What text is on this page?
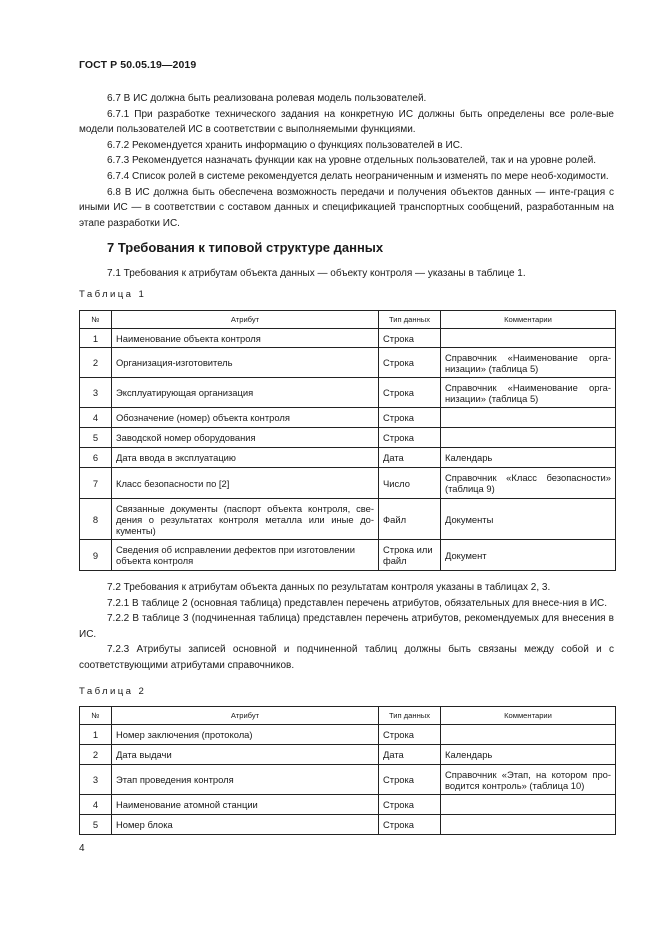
ГОСТ Р 50.05.19—2019

6.7 В ИС должна быть реализована ролевая модель пользователей.

6.7.1 При разработке технического задания на конкретную ИС должны быть определены все роле-вые модели пользователей ИС в соответствии с выполняемыми функциями.

6.7.2 Рекомендуется хранить информацию о функциях пользователей в ИС.

6.7.3 Рекомендуется назначать функции как на уровне отдельных пользователей, так и на уровне ролей.

6.7.4 Список ролей в системе рекомендуется делать неограниченным и изменять по мере необ-ходимости.

6.8 В ИС должна быть обеспечена возможность передачи и получения объектов данных — инте-грация с иными ИС — в соответствии с составом данных и спецификацией транспортных сообщений, разработанным на этапе разработки ИС.

7 Требования к типовой структуре данных

7.1 Требования к атрибутам объекта данных — объекту контроля — указаны в таблице 1.

Таблица 1
№	Атрибут	Тип данных	Комментарии
1	Наименование объекта контроля	Строка	
2	Организация-изготовитель	Строка	Справочник «Наименование орга-низации» (таблица 5)
3	Эксплуатирующая организация	Строка	Справочник «Наименование орга-низации» (таблица 5)
4	Обозначение (номер) объекта контроля	Строка	
5	Заводской номер оборудования	Строка	
6	Дата ввода в эксплуатацию	Дата	Календарь
7	Класс безопасности по [2]	Число	Справочник «Класс безопасности» (таблица 9)
8	Связанные документы (паспорт объекта контроля, све-дения о результатах контроля металла или иные до-кументы)	Файл	Документы
9	Сведения об исправлении дефектов при изготовлении объекта контроля	Строка или файл	Документ

7.2 Требования к атрибутам объекта данных по результатам контроля указаны в таблицах 2, 3.

7.2.1 В таблице 2 (основная таблица) представлен перечень атрибутов, обязательных для внесе-ния в ИС.

7.2.2 В таблице 3 (подчиненная таблица) представлен перечень атрибутов, рекомендуемых для внесения в ИС.

7.2.3 Атрибуты записей основной и подчиненной таблиц должны быть связаны между собой и с соответствующими атрибутами справочников.

Таблица 2
№	Атрибут	Тип данных	Комментарии
1	Номер заключения (протокола)	Строка	
2	Дата выдачи	Дата	Календарь
3	Этап проведения контроля	Строка	Справочник «Этап, на котором про-водится контроль» (таблица 10)
4	Наименование атомной станции	Строка	
5	Номер блока	Строка	
4
